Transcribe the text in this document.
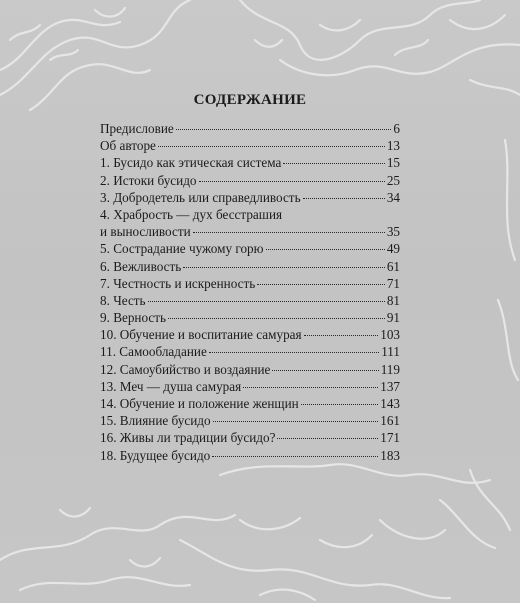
СОДЕРЖАНИЕ
Предисловие	6
Об авторе	13
1. Бусидо как этическая система	15
2. Истоки бусидо	25
3. Добродетель или справедливость	34
4. Храбрость — дух бесстрашия
и выносливости	35
5. Сострадание чужому горю	49
6. Вежливость	61
7. Честность и искренность	71
8. Честь	81
9. Верность	91
10. Обучение и воспитание самурая	103
11. Самообладание	111
12. Самоубийство и воздаяние	119
13. Меч — душа самурая	137
14. Обучение и положение женщин	143
15. Влияние бусидо	161
16. Живы ли традиции бусидо?	171
18. Будущее бусидо	183
